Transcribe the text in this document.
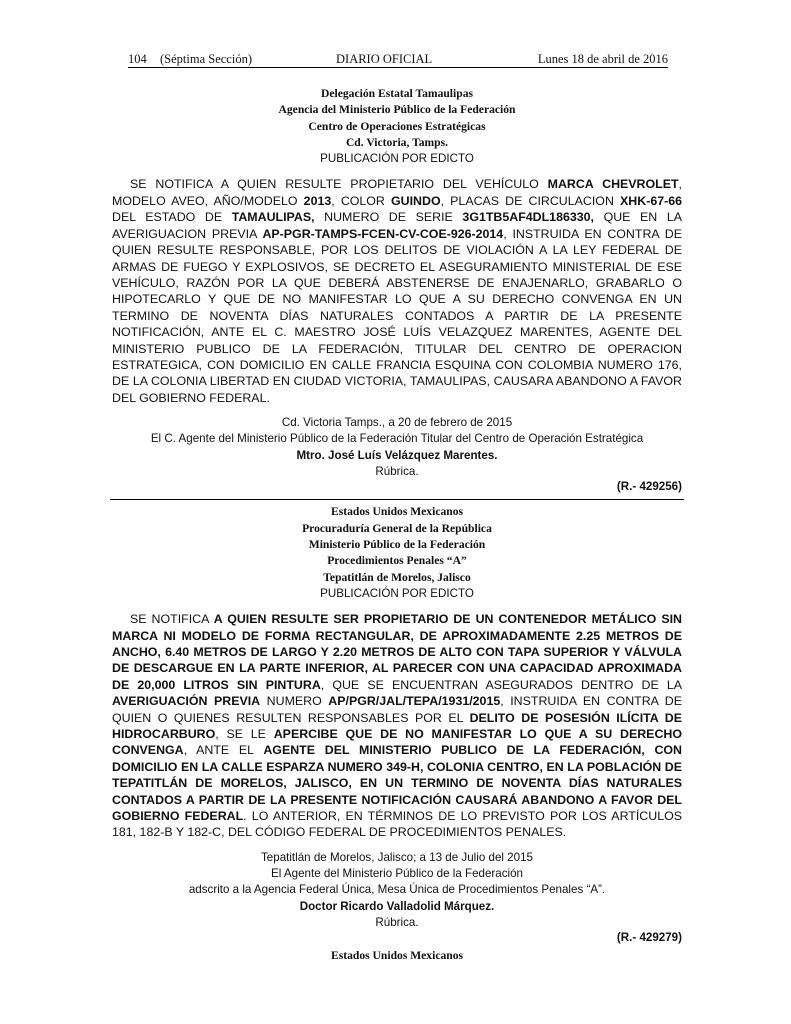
104 (Séptima Sección)	DIARIO OFICIAL	Lunes 18 de abril de 2016
Delegación Estatal Tamaulipas
Agencia del Ministerio Público de la Federación
Centro de Operaciones Estratégicas
Cd. Victoria, Tamps.
PUBLICACIÓN POR EDICTO

SE NOTIFICA A QUIEN RESULTE PROPIETARIO DEL VEHÍCULO MARCA CHEVROLET, MODELO AVEO, AÑO/MODELO 2013, COLOR GUINDO, PLACAS DE CIRCULACION XHK-67-66 DEL ESTADO DE TAMAULIPAS, NUMERO DE SERIE 3G1TB5AF4DL186330, QUE EN LA AVERIGUACION PREVIA AP-PGR-TAMPS-FCEN-CV-COE-926-2014, INSTRUIDA EN CONTRA DE QUIEN RESULTE RESPONSABLE, POR LOS DELITOS DE VIOLACIÓN A LA LEY FEDERAL DE ARMAS DE FUEGO Y EXPLOSIVOS, SE DECRETO EL ASEGURAMIENTO MINISTERIAL DE ESE VEHÍCULO, RAZÓN POR LA QUE DEBERÁ ABSTENERSE DE ENAJENARLO, GRABARLO O HIPOTECARLO Y QUE DE NO MANIFESTAR LO QUE A SU DERECHO CONVENGA EN UN TERMINO DE NOVENTA DÍAS NATURALES CONTADOS A PARTIR DE LA PRESENTE NOTIFICACIÓN, ANTE EL C. MAESTRO JOSÉ LUÍS VELAZQUEZ MARENTES, AGENTE DEL MINISTERIO PUBLICO DE LA FEDERACIÓN, TITULAR DEL CENTRO DE OPERACION ESTRATEGICA, CON DOMICILIO EN CALLE FRANCIA ESQUINA CON COLOMBIA NUMERO 176, DE LA COLONIA LIBERTAD EN CIUDAD VICTORIA, TAMAULIPAS, CAUSARA ABANDONO A FAVOR DEL GOBIERNO FEDERAL.

Cd. Victoria Tamps., a 20 de febrero de 2015
El C. Agente del Ministerio Público de la Federación Titular del Centro de Operación Estratégica
Mtro. José Luís Velázquez Marentes.
Rúbrica.
(R.- 429256)
Estados Unidos Mexicanos
Procuraduría General de la República
Ministerio Público de la Federación
Procedimientos Penales “A”
Tepatitlán de Morelos, Jalisco
PUBLICACIÓN POR EDICTO

SE NOTIFICA A QUIEN RESULTE SER PROPIETARIO DE UN CONTENEDOR METÁLICO SIN MARCA NI MODELO DE FORMA RECTANGULAR, DE APROXIMADAMENTE 2.25 METROS DE ANCHO, 6.40 METROS DE LARGO Y 2.20 METROS DE ALTO CON TAPA SUPERIOR Y VÁLVULA DE DESCARGUE EN LA PARTE INFERIOR, AL PARECER CON UNA CAPACIDAD APROXIMADA DE 20,000 LITROS SIN PINTURA, QUE SE ENCUENTRAN ASEGURADOS DENTRO DE LA AVERIGUACIÓN PREVIA NUMERO AP/PGR/JAL/TEPA/1931/2015, INSTRUIDA EN CONTRA DE QUIEN O QUIENES RESULTEN RESPONSABLES POR EL DELITO DE POSESIÓN ILÍCITA DE HIDROCARBURO, SE LE APERCIBE QUE DE NO MANIFESTAR LO QUE A SU DERECHO CONVENGA, ANTE EL AGENTE DEL MINISTERIO PUBLICO DE LA FEDERACIÓN, CON DOMICILIO EN LA CALLE ESPARZA NUMERO 349-H, COLONIA CENTRO, EN LA POBLACIÓN DE TEPATITLÁN DE MORELOS, JALISCO, EN UN TERMINO DE NOVENTA DÍAS NATURALES CONTADOS A PARTIR DE LA PRESENTE NOTIFICACIÓN CAUSARÁ ABANDONO A FAVOR DEL GOBIERNO FEDERAL. LO ANTERIOR, EN TÉRMINOS DE LO PREVISTO POR LOS ARTÍCULOS 181, 182-B Y 182-C, DEL CÓDIGO FEDERAL DE PROCEDIMIENTOS PENALES.

Tepatitlán de Morelos, Jalisco; a 13 de Julio del 2015
El Agente del Ministerio Público de la Federación
adscrito a la Agencia Federal Única, Mesa Única de Procedimientos Penales “A”.
Doctor Ricardo Valladolid Márquez.
Rúbrica.
(R.- 429279)
Estados Unidos Mexicanos
